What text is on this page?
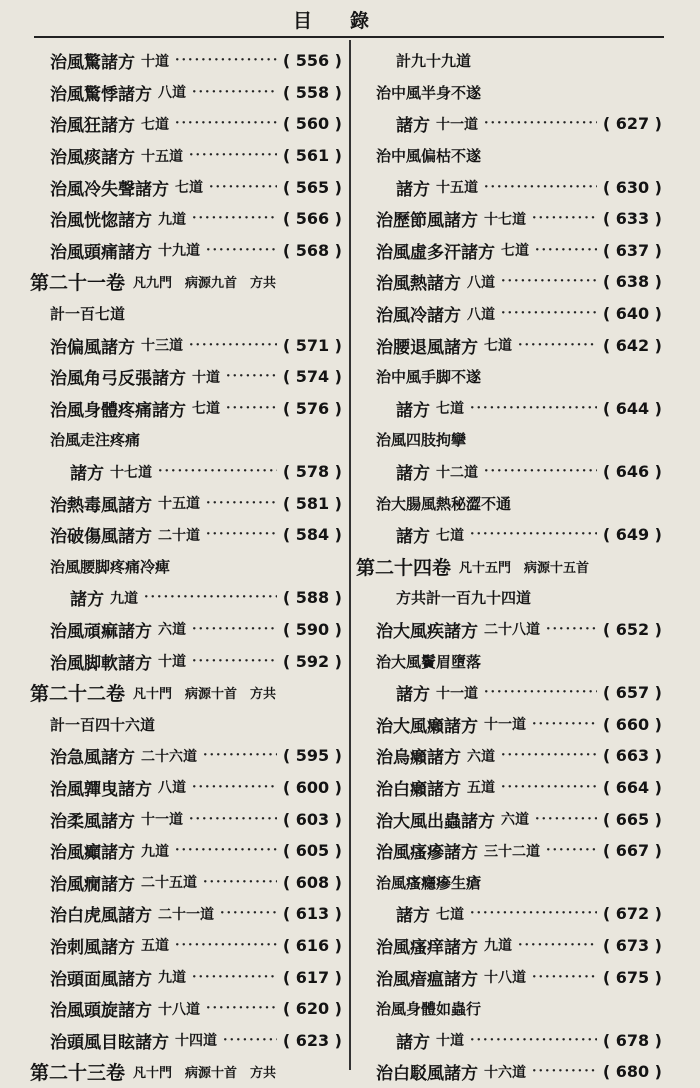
目錄
治風驚諸方 十道 ·····	( 556 )
治風驚悸諸方 八道 ·····	( 558 )
治風狂諸方 七道 ·····	( 560 )
治風痰諸方 十五道 ·····	( 561 )
治風冷失聲諸方 七道 ·····	( 565 )
治風恍惚諸方 九道 ·····	( 566 )
治風頭痛諸方 十九道 ·····	( 568 )
第二十一卷 凡九門　病源九首　方共
計一百七道
治偏風諸方 十三道 ·····	( 571 )
治風角弓反張諸方 十道 ·····	( 574 )
治風身體疼痛諸方 七道 ·····	( 576 )
治風走注疼痛
諸方 十七道 ·····	( 578 )
治熱毒風諸方 十五道 ·····	( 581 )
治破傷風諸方 二十道 ·····	( 584 )
治風腰脚疼痛冷痺
諸方 九道 ·····	( 588 )
治風頑痲諸方 六道 ·····	( 590 )
治風脚軟諸方 十道 ·····	( 592 )
第二十二卷 凡十門　病源十首　方共
計一百四十六道
治急風諸方 二十六道 ·····	( 595 )
治風嚲曳諸方 八道 ·····	( 600 )
治柔風諸方 十一道 ·····	( 603 )
治風癲諸方 九道 ·····	( 605 )
治風癇諸方 二十五道 ·····	( 608 )
治白虎風諸方 二十一道 ·····	( 613 )
治刺風諸方 五道 ·····	( 616 )
治頭面風諸方 九道 ·····	( 617 )
治風頭旋諸方 十八道 ·····	( 620 )
治頭風目眩諸方 十四道 ·····	( 623 )
第二十三卷 凡十門　病源十首　方共
計九十九道
治中風半身不遂
諸方 十一道 ·····	( 627 )
治中風偏枯不遂
諸方 十五道 ·····	( 630 )
治歷節風諸方 十七道 ·····	( 633 )
治風虛多汗諸方 七道 ·····	( 637 )
治風熱諸方 八道 ·····	( 638 )
治風冷諸方 八道 ·····	( 640 )
治腰退風諸方 七道 ·····	( 642 )
治中風手脚不遂
諸方 七道 ·····	( 644 )
治風四肢拘攣
諸方 十二道 ·····	( 646 )
治大腸風熱秘澀不通
諸方 七道 ·····	( 649 )
第二十四卷 凡十五門　病源十五首
方共計一百九十四道
治大風疾諸方 二十八道 ·····	( 652 )
治大風鬢眉墮落
諸方 十一道 ·····	( 657 )
治大風癩諸方 十一道 ·····	( 660 )
治烏癩諸方 六道 ·····	( 663 )
治白癩諸方 五道 ·····	( 664 )
治大風出蟲諸方 六道 ·····	( 665 )
治風瘙瘮諸方 三十二道 ·····	( 667 )
治風瘙癮瘮生瘡
諸方 七道 ·····	( 672 )
治風瘙痒諸方 九道 ·····	( 673 )
治風瘖瘟諸方 十八道 ·····	( 675 )
治風身體如蟲行
諸方 十道 ·····	( 678 )
治白駁風諸方 十六道 ·····	( 680 )
